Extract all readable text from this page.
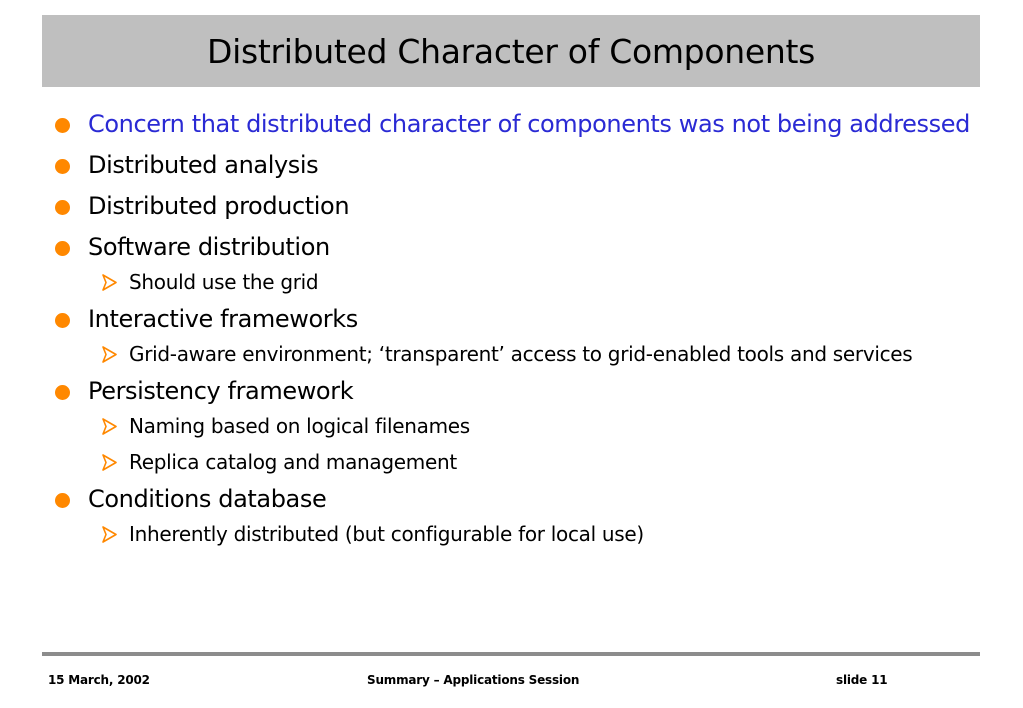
Distributed Character of Components
Concern that distributed character of components was not being addressed
Distributed analysis
Distributed production
Software distribution
Should use the grid
Interactive frameworks
Grid-aware environment; ‘transparent’ access to grid-enabled tools and services
Persistency framework
Naming based on logical filenames
Replica catalog and management
Conditions database
Inherently distributed (but configurable for local use)
15 March, 2002	Summary – Applications Session	slide 11
